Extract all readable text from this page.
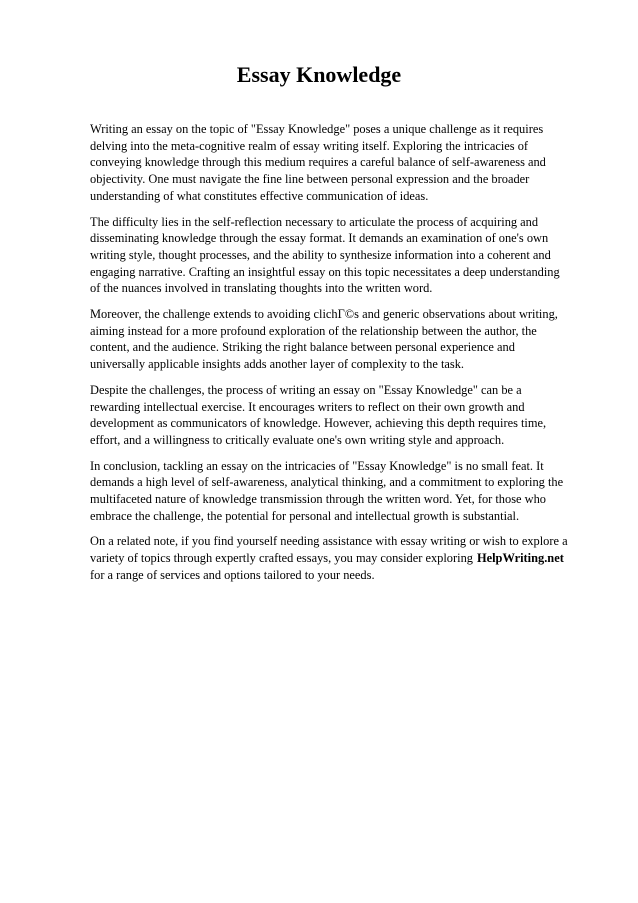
Essay Knowledge

Writing an essay on the topic of "Essay Knowledge" poses a unique challenge as it requires
delving into the meta-cognitive realm of essay writing itself. Exploring the intricacies of
conveying knowledge through this medium requires a careful balance of self-awareness and
objectivity. One must navigate the fine line between personal expression and the broader
understanding of what constitutes effective communication of ideas.

The difficulty lies in the self-reflection necessary to articulate the process of acquiring and
disseminating knowledge through the essay format. It demands an examination of one's own
writing style, thought processes, and the ability to synthesize information into a coherent and
engaging narrative. Crafting an insightful essay on this topic necessitates a deep understanding
of the nuances involved in translating thoughts into the written word.

Moreover, the challenge extends to avoiding clichГ©s and generic observations about writing,
aiming instead for a more profound exploration of the relationship between the author, the
content, and the audience. Striking the right balance between personal experience and
universally applicable insights adds another layer of complexity to the task.

Despite the challenges, the process of writing an essay on "Essay Knowledge" can be a
rewarding intellectual exercise. It encourages writers to reflect on their own growth and
development as communicators of knowledge. However, achieving this depth requires time,
effort, and a willingness to critically evaluate one's own writing style and approach.

In conclusion, tackling an essay on the intricacies of "Essay Knowledge" is no small feat. It
demands a high level of self-awareness, analytical thinking, and a commitment to exploring the
multifaceted nature of knowledge transmission through the written word. Yet, for those who
embrace the challenge, the potential for personal and intellectual growth is substantial.

On a related note, if you find yourself needing assistance with essay writing or wish to explore a
variety of topics through expertly crafted essays, you may consider exploring HelpWriting.net
for a range of services and options tailored to your needs.
